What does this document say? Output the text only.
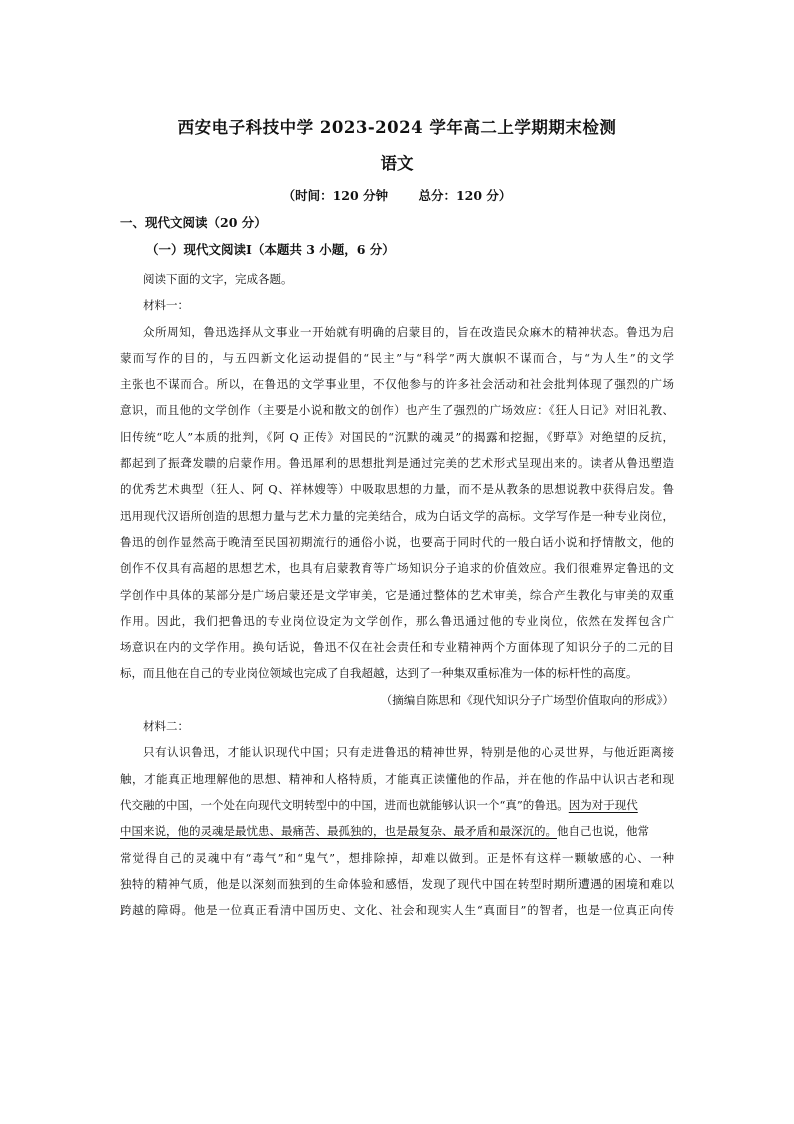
西安电子科技中学 2023-2024 学年高二上学期期末检测
语文
（时间：120 分钟       总分：120 分）
一、现代文阅读（20 分）
（一）现代文阅读Ⅰ（本题共 3 小题，6 分）
阅读下面的文字，完成各题。
材料一：
众所周知，鲁迅选择从文事业一开始就有明确的启蒙目的，旨在改造民众麻木的精神状态。鲁迅为启
蒙而写作的目的，与五四新文化运动提倡的“民主”与“科学”两大旗帜不谋而合，与“为人生”的文学
主张也不谋而合。所以，在鲁迅的文学事业里，不仅他参与的许多社会活动和社会批判体现了强烈的广场
意识，而且他的文学创作（主要是小说和散文的创作）也产生了强烈的广场效应：《狂人日记》对旧礼教、
旧传统“吃人”本质的批判，《阿 Q 正传》对国民的“沉默的魂灵”的揭露和挖掘，《野草》对绝望的反抗，
都起到了振聋发聩的启蒙作用。鲁迅犀利的思想批判是通过完美的艺术形式呈现出来的。读者从鲁迅塑造
的优秀艺术典型（狂人、阿 Q、祥林嫂等）中吸取思想的力量，而不是从教条的思想说教中获得启发。鲁
迅用现代汉语所创造的思想力量与艺术力量的完美结合，成为白话文学的高标。文学写作是一种专业岗位，
鲁迅的创作显然高于晚清至民国初期流行的通俗小说，也要高于同时代的一般白话小说和抒情散文，他的
创作不仅具有高超的思想艺术，也具有启蒙教育等广场知识分子追求的价值效应。我们很难界定鲁迅的文
学创作中具体的某部分是广场启蒙还是文学审美，它是通过整体的艺术审美，综合产生教化与审美的双重
作用。因此，我们把鲁迅的专业岗位设定为文学创作，那么鲁迅通过他的专业岗位，依然在发挥包含广
场意识在内的文学作用。换句话说，鲁迅不仅在社会责任和专业精神两个方面体现了知识分子的二元的目
标，而且他在自己的专业岗位领域也完成了自我超越，达到了一种集双重标准为一体的标杆性的高度。
（摘编自陈思和《现代知识分子广场型价值取向的形成》）
材料二：
只有认识鲁迅，才能认识现代中国；只有走进鲁迅的精神世界，特别是他的心灵世界，与他近距离接
触，才能真正地理解他的思想、精神和人格特质，才能真正读懂他的作品，并在他的作品中认识古老和现
代交融的中国，一个处在向现代文明转型中的中国，进而也就能够认识一个“真”的鲁迅。 因为对于现代
中国来说，他的灵魂是最忧患、最痛苦、最孤独的，也是最复杂、最矛盾和最深沉的。 他自己也说，他常
常觉得自己的灵魂中有“毒气”和“鬼气”，想排除掉，却难以做到。正是怀有这样一颗敏感的心、一种
独特的精神气质，他是以深刻而独到的生命体验和感悟，发现了现代中国在转型时期所遭遇的困境和难以
跨越的障碍。他是一位真正看清中国历史、文化、社会和现实人生“真面目”的智者，也是一位真正向传
